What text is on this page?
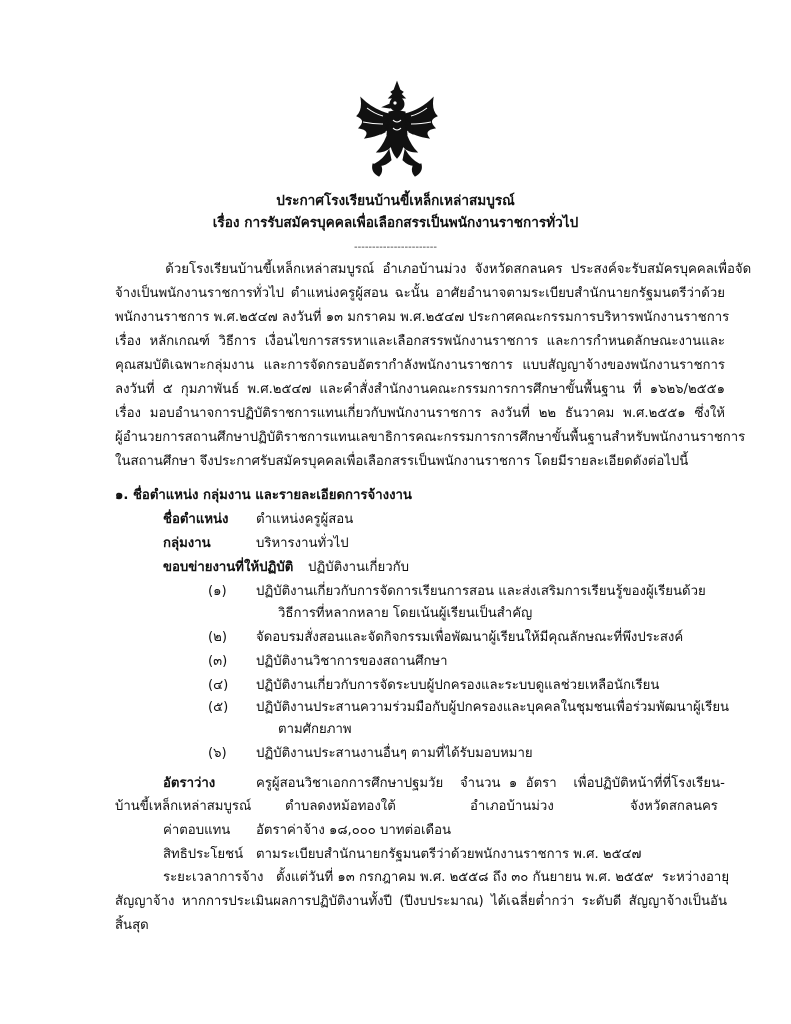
ประกาศโรงเรียนบ้านขี้เหล็กเหล่าสมบูรณ์
เรื่อง การรับสมัครบุคคลเพื่อเลือกสรรเป็นพนักงานราชการทั่วไป
-----------------------
ด้วยโรงเรียนบ้านขี้เหล็กเหล่าสมบูรณ์  อำเภอบ้านม่วง  จังหวัดสกลนคร  ประสงค์จะรับสมัครบุคคลเพื่อจัด
จ้างเป็นพนักงานราชการทั่วไป ตำแหน่งครูผู้สอน ฉะนั้น อาศัยอำนาจตามระเบียบสำนักนายกรัฐมนตรีว่าด้วย
พนักงานราชการ พ.ศ.๒๕๔๗ ลงวันที่ ๑๓ มกราคม พ.ศ.๒๕๔๗ ประกาศคณะกรรมการบริหารพนักงานราชการ
เรื่อง หลักเกณฑ์ วิธีการ เงื่อนไขการสรรหาและเลือกสรรพนักงานราชการ และการกำหนดลักษณะงานและ
คุณสมบัติเฉพาะกลุ่มงาน และการจัดกรอบอัตรากำลังพนักงานราชการ แบบสัญญาจ้างของพนักงานราชการ
ลงวันที่ ๕ กุมภาพันธ์ พ.ศ.๒๕๔๗ และคำสั่งสำนักงานคณะกรรมการการศึกษาขั้นพื้นฐาน ที่ ๑๖๒๖/๒๕๕๑
เรื่อง มอบอำนาจการปฏิบัติราชการแทนเกี่ยวกับพนักงานราชการ ลงวันที่ ๒๒ ธันวาคม พ.ศ.๒๕๕๑ ซึ่งให้
ผู้อำนวยการสถานศึกษาปฏิบัติราชการแทนเลขาธิการคณะกรรมการการศึกษาขั้นพื้นฐานสำหรับพนักงานราชการ
ในสถานศึกษา จึงประกาศรับสมัครบุคคลเพื่อเลือกสรรเป็นพนักงานราชการ โดยมีรายละเอียดดังต่อไปนี้
๑. ชื่อตำแหน่ง กลุ่มงาน และรายละเอียดการจ้างงาน
ชื่อตำแหน่ง ตำแหน่งครูผู้สอน
กลุ่มงาน	บริหารงานทั่วไป
ขอบข่ายงานที่ให้ปฏิบัติ ปฏิบัติงานเกี่ยวกับ
(๑) ปฏิบัติงานเกี่ยวกับการจัดการเรียนการสอน และส่งเสริมการเรียนรู้ของผู้เรียนด้วย
วิธีการที่หลากหลาย โดยเน้นผู้เรียนเป็นสำคัญ
(๒) จัดอบรมสั่งสอนและจัดกิจกรรมเพื่อพัฒนาผู้เรียนให้มีคุณลักษณะที่พึงประสงค์
(๓) ปฏิบัติงานวิชาการของสถานศึกษา
(๔) ปฏิบัติงานเกี่ยวกับการจัดระบบผู้ปกครองและระบบดูแลช่วยเหลือนักเรียน
(๕) ปฏิบัติงานประสานความร่วมมือกับผู้ปกครองและบุคคลในชุมชนเพื่อร่วมพัฒนาผู้เรียน
ตามศักยภาพ
(๖) ปฏิบัติงานประสานงานอื่นๆ ตามที่ได้รับมอบหมาย
อัตราว่าง	ครูผู้สอนวิชาเอกการศึกษาปฐมวัย    จำนวน  ๑  อัตรา    เพื่อปฏิบัติหน้าที่ที่โรงเรียน-
บ้านขี้เหล็กเหล่าสมบูรณ์	ตำบลดงหม้อทองใต้	อำเภอบ้านม่วง	จังหวัดสกลนคร
ค่าตอบแทน อัตราค่าจ้าง ๑๘,๐๐๐ บาทต่อเดือน
สิทธิประโยชน์ ตามระเบียบสำนักนายกรัฐมนตรีว่าด้วยพนักงานราชการ พ.ศ. ๒๕๔๗
ระยะเวลาการจ้าง   ตั้งแต่วันที่ ๑๓ กรกฎาคม พ.ศ. ๒๕๕๘ ถึง ๓๐ กันยายน พ.ศ. ๒๕๕๙  ระหว่างอายุ
สัญญาจ้าง หากการประเมินผลการปฏิบัติงานทั้งปี (ปีงบประมาณ) ได้เฉลี่ยต่ำกว่า ระดับดี สัญญาจ้างเป็นอัน
สิ้นสุด
